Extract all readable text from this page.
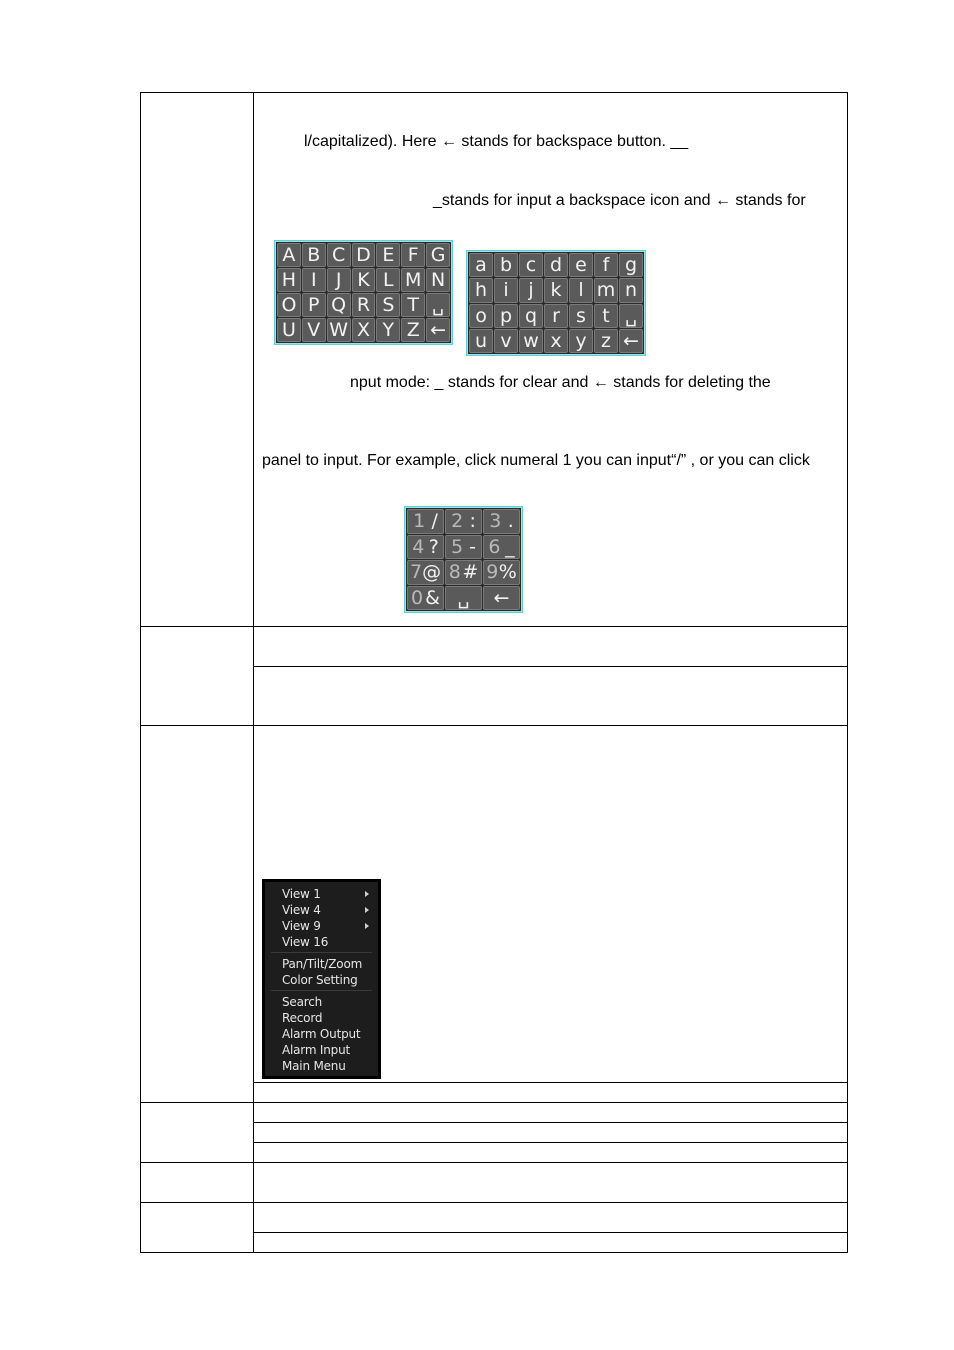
l/capitalized). Here ← stands for backspace button. __
_stands for input a backspace icon and ← stands for
nput mode: _ stands for clear and ← stands for deleting the
panel to input. For example, click numeral 1 you can input“/” , or you can click
A B C D E F G
H I	J K L M N
O P Q R S T ␣
U V W X Y Z ←
a b c d e f g
h i	j k l m n
o p q r s t ␣
u v w x y z ←
1 / 2 : 3 .
4 ? 5 - 6 _
7 @ 8 # 9 %
0 & ␣ ←
View 1
View 4
View 9
View 16
Pan/Tilt/Zoom
Color Setting
Search
Record
Alarm Output
Alarm Input
Main Menu
